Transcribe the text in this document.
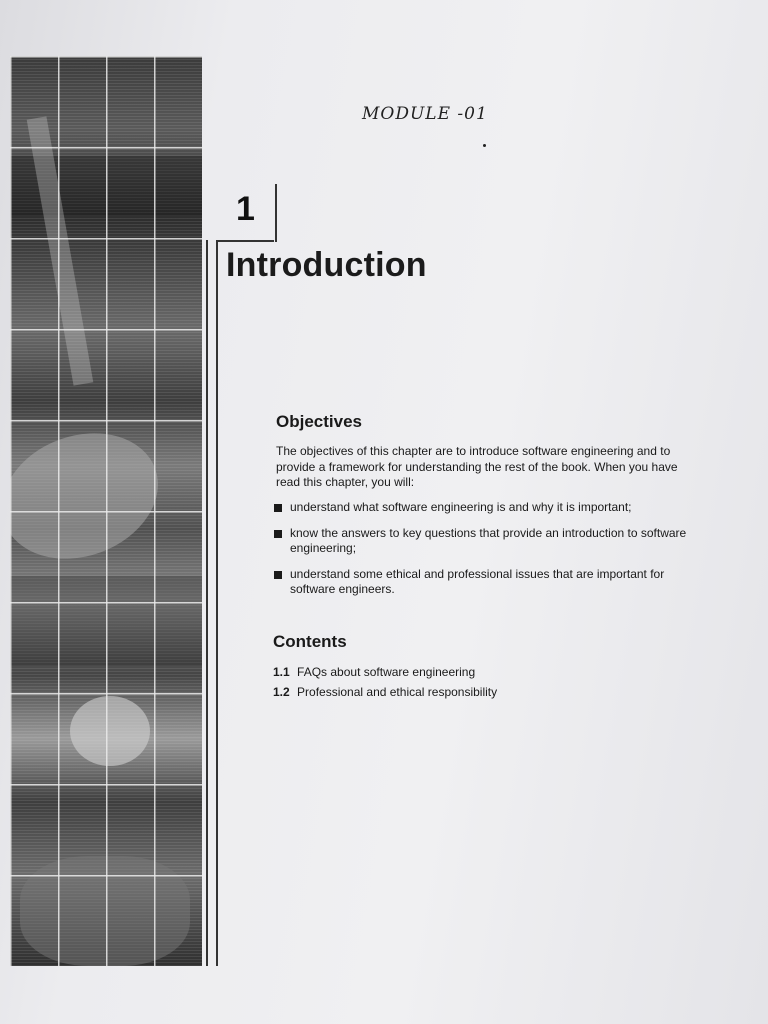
MODULE -01
1
Introduction
Objectives
The objectives of this chapter are to introduce software engineering and to provide a framework for understanding the rest of the book. When you have read this chapter, you will:
understand what software engineering is and why it is important;
know the answers to key questions that provide an introduction to software engineering;
understand some ethical and professional issues that are important for software engineers.
Contents
1.1 FAQs about software engineering
1.2 Professional and ethical responsibility
